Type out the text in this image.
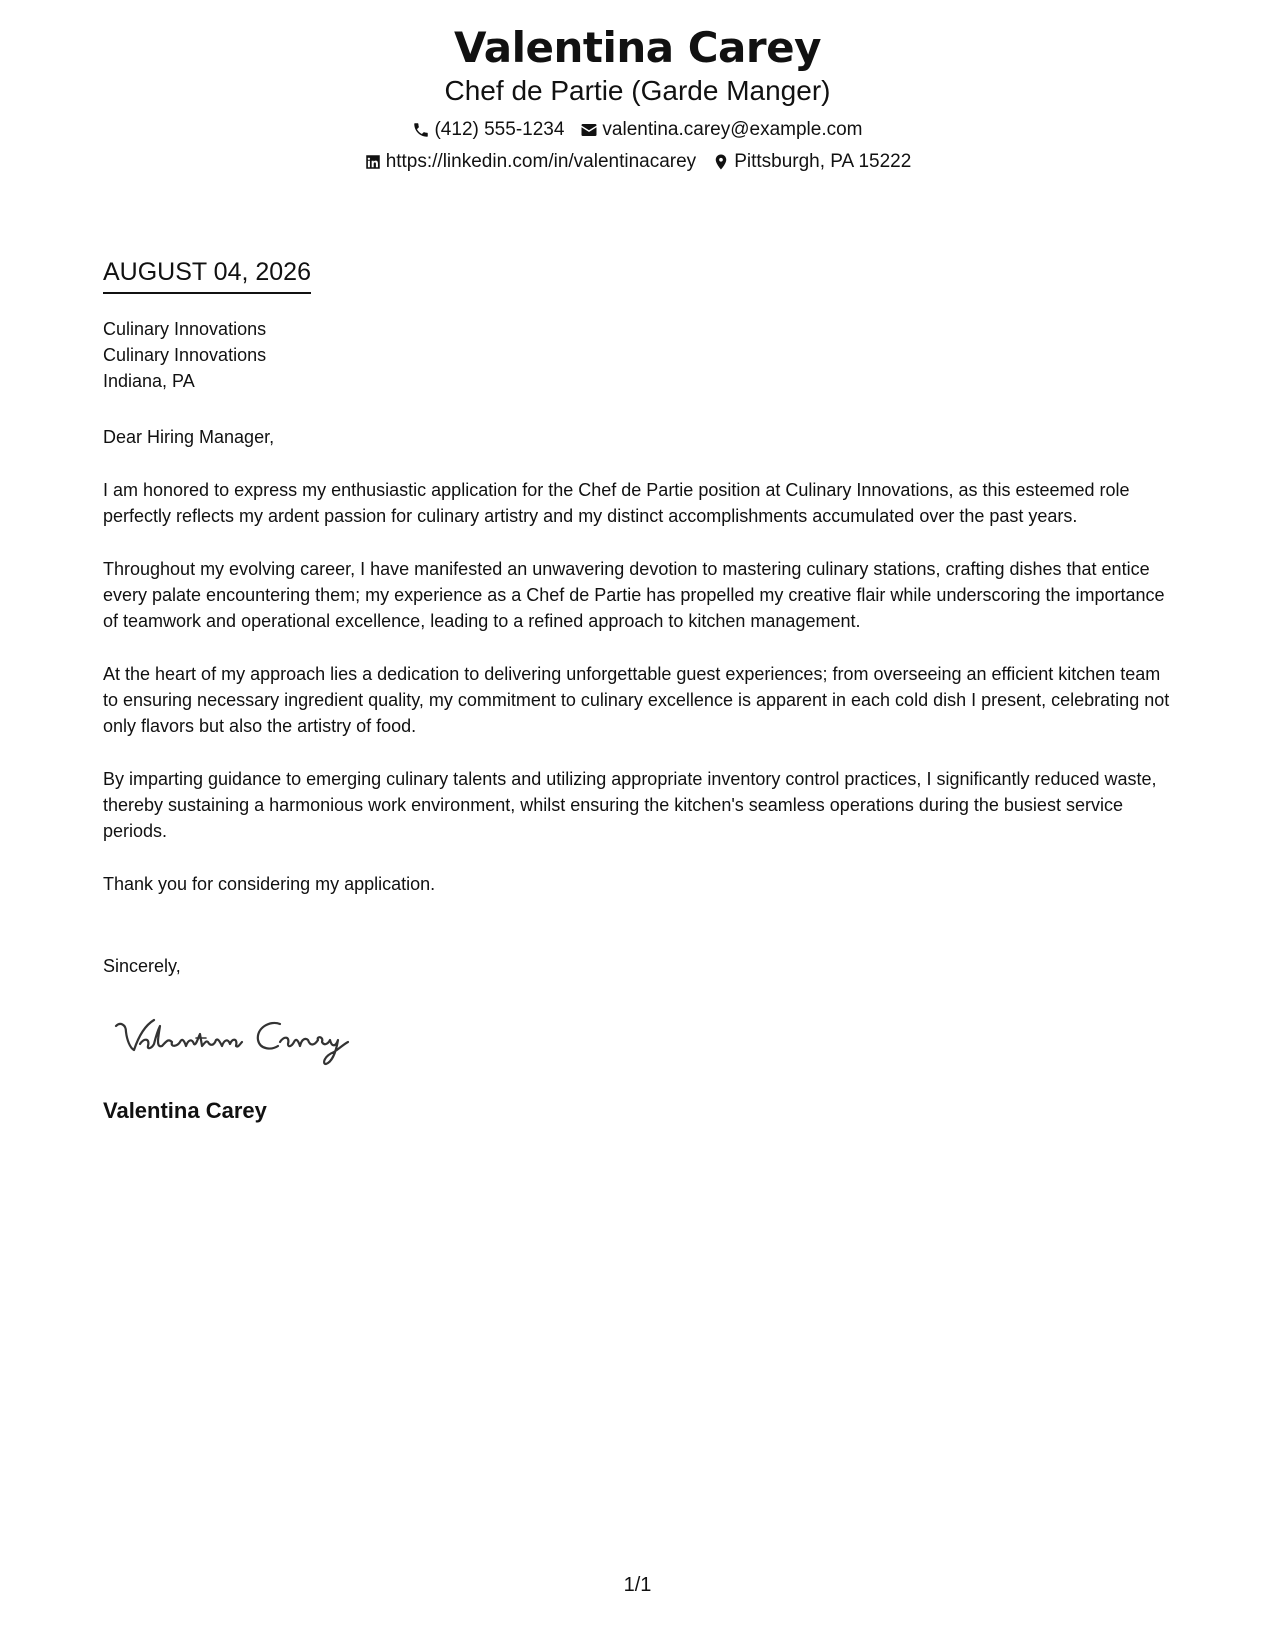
Valentina Carey
Chef de Partie (Garde Manger)
(412) 555-1234 valentina.carey@example.com
https://linkedin.com/in/valentinacarey Pittsburgh, PA 15222
AUGUST 04, 2026
Culinary Innovations
Culinary Innovations
Indiana, PA

Dear Hiring Manager,

I am honored to express my enthusiastic application for the Chef de Partie position at Culinary Innovations, as this esteemed role perfectly reflects my ardent passion for culinary artistry and my distinct accomplishments accumulated over the past years.

Throughout my evolving career, I have manifested an unwavering devotion to mastering culinary stations, crafting dishes that entice every palate encountering them; my experience as a Chef de Partie has propelled my creative flair while underscoring the importance of teamwork and operational excellence, leading to a refined approach to kitchen management.

At the heart of my approach lies a dedication to delivering unforgettable guest experiences; from overseeing an efficient kitchen team to ensuring necessary ingredient quality, my commitment to culinary excellence is apparent in each cold dish I present, celebrating not only flavors but also the artistry of food.

By imparting guidance to emerging culinary talents and utilizing appropriate inventory control practices, I significantly reduced waste, thereby sustaining a harmonious work environment, whilst ensuring the kitchen's seamless operations during the busiest service periods.

Thank you for considering my application.

Sincerely,
Valentina Carey
1/1
